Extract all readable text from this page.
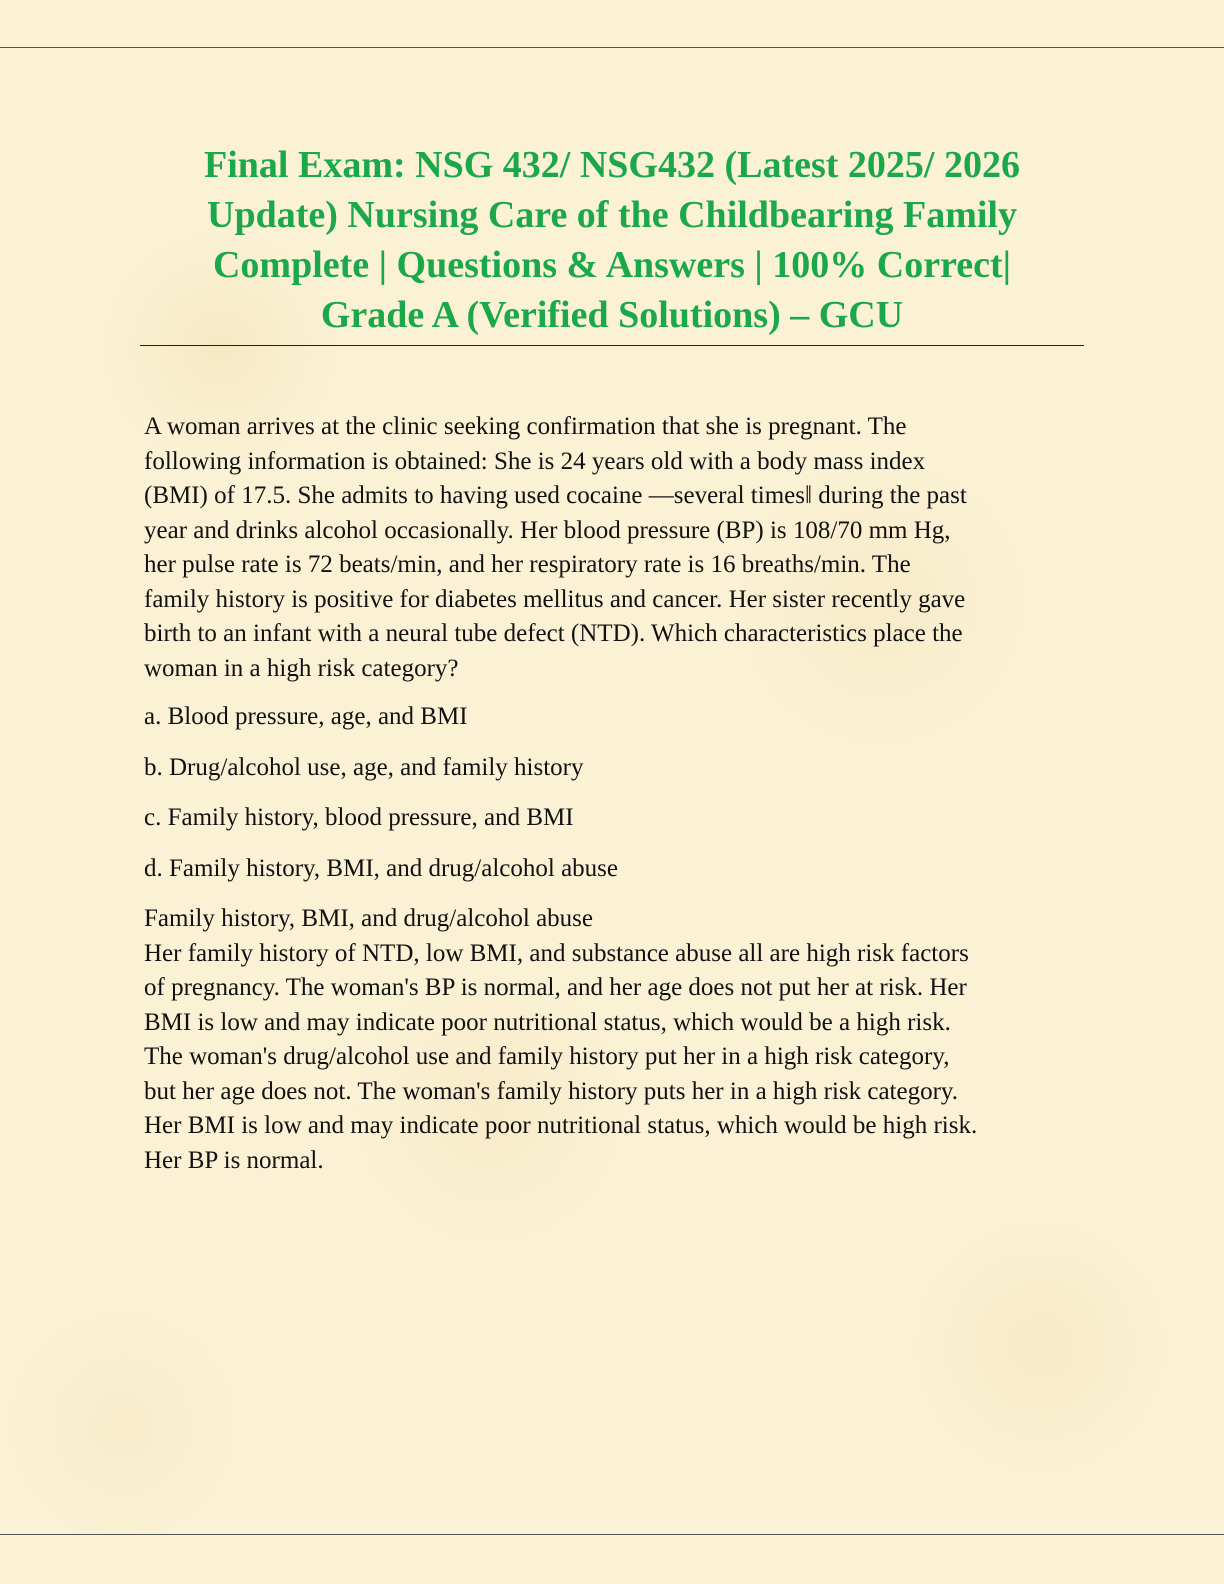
Final Exam: NSG 432/ NSG432 (Latest 2025/ 2026
Update) Nursing Care of the Childbearing Family
Complete | Questions & Answers | 100% Correct|
Grade A (Verified Solutions) – GCU

A woman arrives at the clinic seeking confirmation that she is pregnant. The
following information is obtained: She is 24 years old with a body mass index
(BMI) of 17.5. She admits to having used cocaine ―several times‖ during the past
year and drinks alcohol occasionally. Her blood pressure (BP) is 108/70 mm Hg,
her pulse rate is 72 beats/min, and her respiratory rate is 16 breaths/min. The
family history is positive for diabetes mellitus and cancer. Her sister recently gave
birth to an infant with a neural tube defect (NTD). Which characteristics place the
woman in a high risk category?

a. Blood pressure, age, and BMI
b. Drug/alcohol use, age, and family history
c. Family history, blood pressure, and BMI
d. Family history, BMI, and drug/alcohol abuse
Family history, BMI, and drug/alcohol abuse

Her family history of NTD, low BMI, and substance abuse all are high risk factors
of pregnancy. The woman's BP is normal, and her age does not put her at risk. Her
BMI is low and may indicate poor nutritional status, which would be a high risk.
The woman's drug/alcohol use and family history put her in a high risk category,
but her age does not. The woman's family history puts her in a high risk category.
Her BMI is low and may indicate poor nutritional status, which would be high risk.
Her BP is normal.
